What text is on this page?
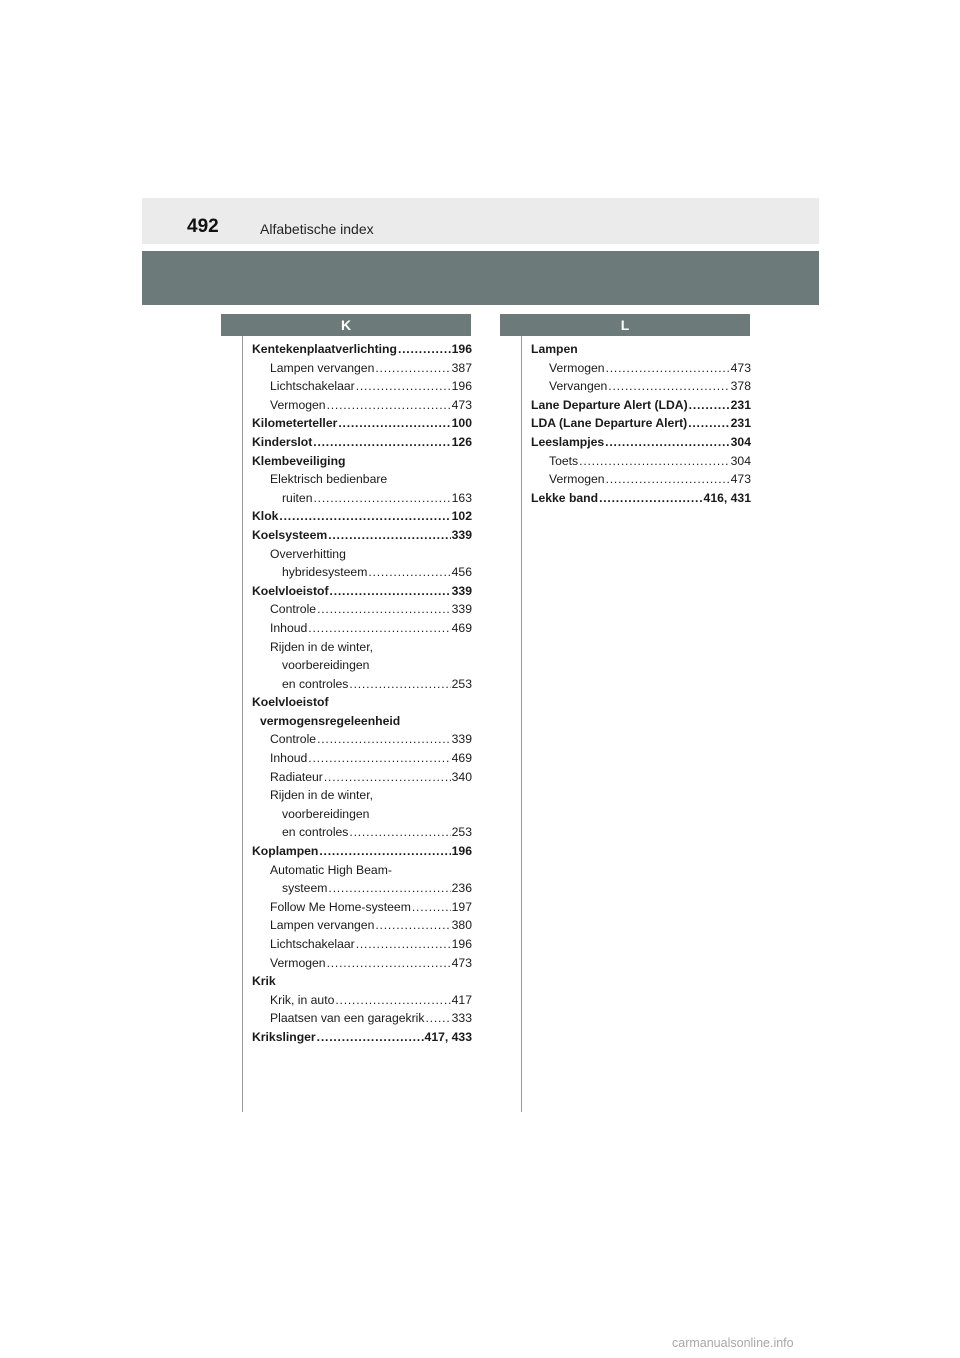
492	Alfabetische index
K	L
Kentekenplaatverlichting . . .	196
Lampen vervangen . . .	387
Lichtschakelaar . . .	196
Vermogen . . .	473
Kilometerteller . . .	100
Kinderslot . . .	126
Klembeveiliging
Elektrisch bedienbare
ruiten . . .	163
Klok . . .	102
Koelsysteem . . .	339
Oververhitting
hybridesysteem . . .	456
Koelvloeistof . . .	339
Controle . . .	339
Inhoud . . .	469
Rijden in de winter,
voorbereidingen
en controles . . .	253
Koelvloeistof
vermogensregeleenheid
Controle . . .	339
Inhoud . . .	469
Radiateur . . .	340
Rijden in de winter,
voorbereidingen
en controles . . .	253
Koplampen . . .	196
Automatic High Beam-
systeem . . .	236
Follow Me Home-systeem . . .	197
Lampen vervangen . . .	380
Lichtschakelaar . . .	196
Vermogen . . .	473
Krik
Krik, in auto . . .	417
Plaatsen van een garagekrik . . . 333
Krikslinger . . .	417, 433
Lampen
Vermogen . . .	473
Vervangen . . .	378
Lane Departure Alert (LDA) . . .	231
LDA (Lane Departure Alert) . . .	231
Leeslampjes . . .	304
Toets . . .	304
Vermogen . . .	473
Lekke band . . .	416, 431
carmanualsonline.info
